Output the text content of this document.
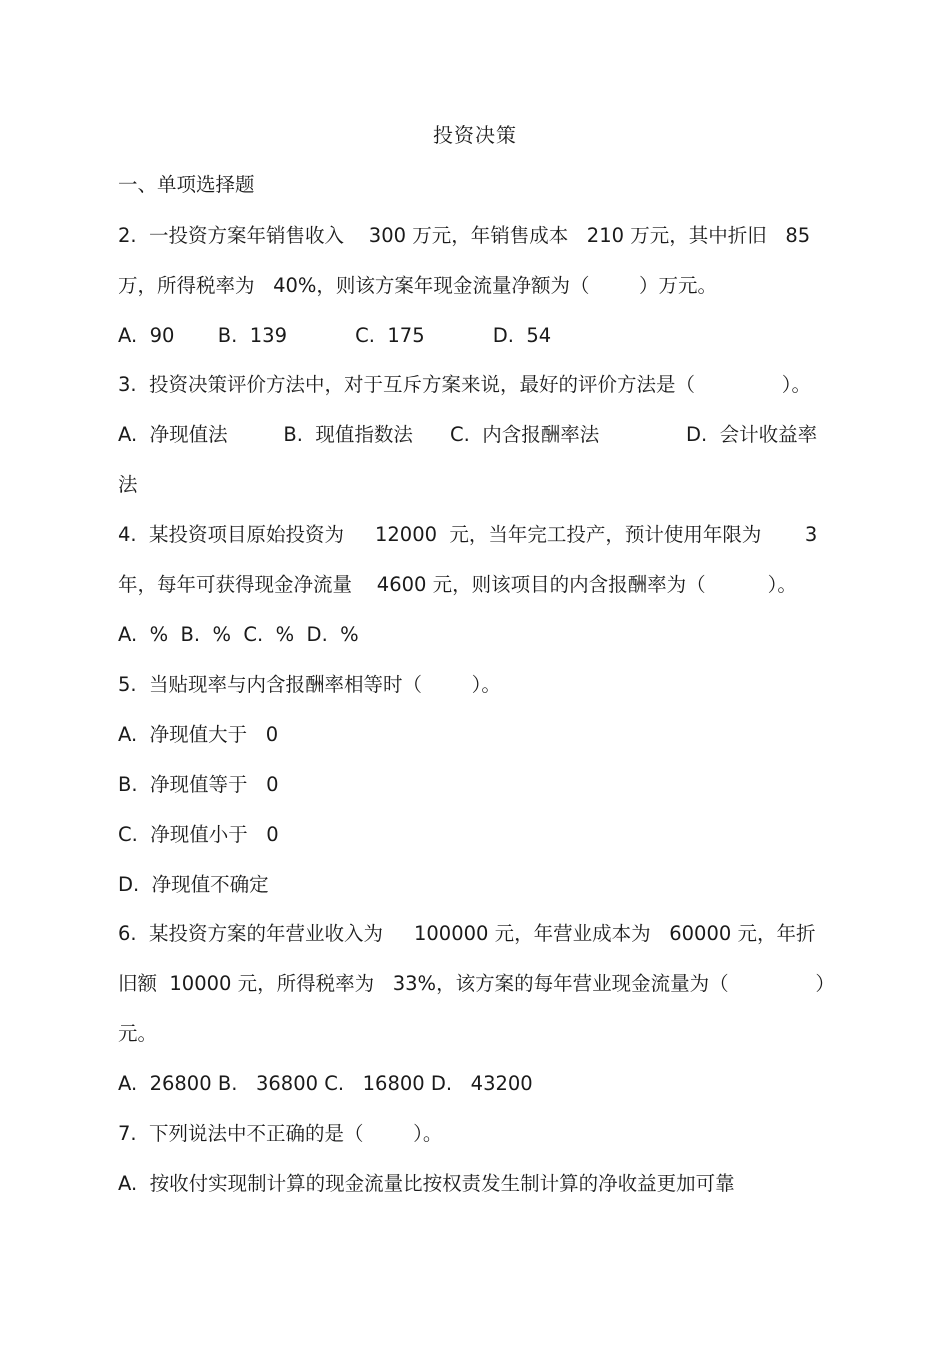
投资决策
一、单项选择题
2.  一投资方案年销售收入    300 万元，年销售成本   210 万元，其中折旧   85
万，所得税率为   40%，则该方案年现金流量净额为（        ）万元。
A.  90       B.  139           C.  175           D.  54
3.  投资决策评价方法中，对于互斥方案来说，最好的评价方法是（              ）。
A.  净现值法         B.  现值指数法      C.  内含报酬率法              D.  会计收益率
法
4.  某投资项目原始投资为     12000  元，当年完工投产，预计使用年限为       3
年，每年可获得现金净流量    4600 元，则该项目的内含报酬率为（          ）。
A.  %  B.  %  C.  %  D.  %
5.  当贴现率与内含报酬率相等时（        ）。
A.  净现值大于   0
B.  净现值等于   0
C.  净现值小于   0
D.  净现值不确定
6.  某投资方案的年营业收入为     100000 元，年营业成本为   60000 元，年折
旧额  10000 元，所得税率为   33%，该方案的每年营业现金流量为（              ）
元。
A.  26800 B.   36800 C.   16800 D.   43200
7.  下列说法中不正确的是（        ）。
A.  按收付实现制计算的现金流量比按权责发生制计算的净收益更加可靠
